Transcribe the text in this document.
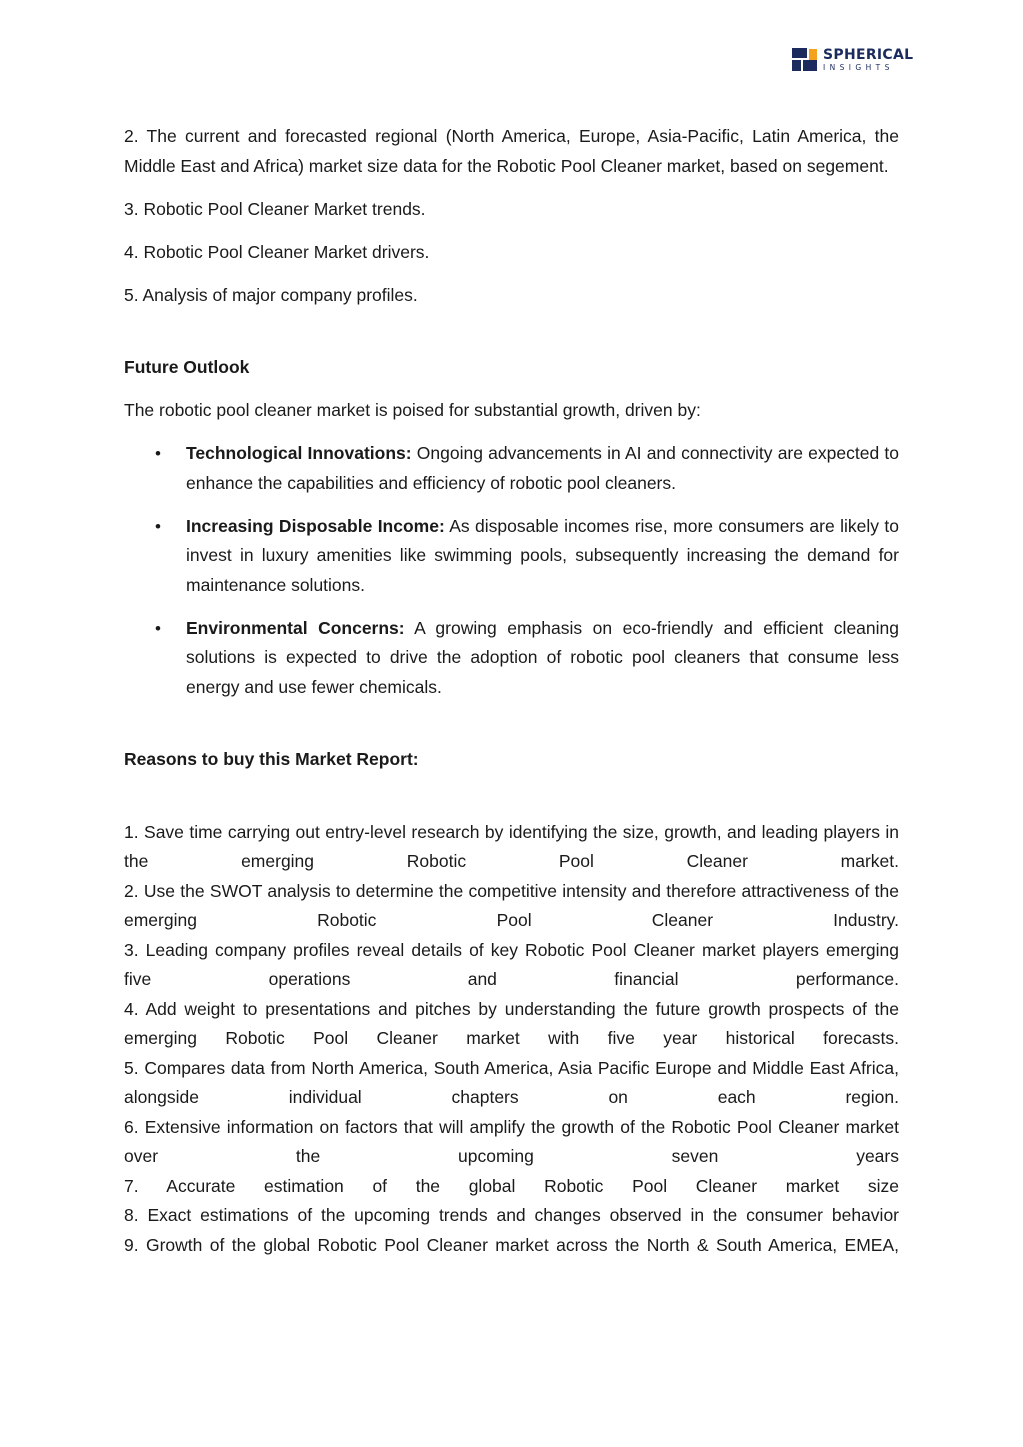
SPHERICAL
INSIGHTS

2. The current and forecasted regional (North America, Europe, Asia-Pacific, Latin America, the Middle East and Africa) market size data for the Robotic Pool Cleaner market, based on segement.

3. Robotic Pool Cleaner Market trends.

4. Robotic Pool Cleaner Market drivers.

5. Analysis of major company profiles.

Future Outlook

The robotic pool cleaner market is poised for substantial growth, driven by:

• Technological Innovations: Ongoing advancements in AI and connectivity are expected to enhance the capabilities and efficiency of robotic pool cleaners.
• Increasing Disposable Income: As disposable incomes rise, more consumers are likely to invest in luxury amenities like swimming pools, subsequently increasing the demand for maintenance solutions.
• Environmental Concerns: A growing emphasis on eco-friendly and efficient cleaning solutions is expected to drive the adoption of robotic pool cleaners that consume less energy and use fewer chemicals.

Reasons to buy this Market Report:

1. Save time carrying out entry-level research by identifying the size, growth, and leading players in the emerging Robotic Pool Cleaner market.
2. Use the SWOT analysis to determine the competitive intensity and therefore attractiveness of the emerging Robotic Pool Cleaner Industry.
3. Leading company profiles reveal details of key Robotic Pool Cleaner market players emerging five operations and financial performance.
4. Add weight to presentations and pitches by understanding the future growth prospects of the emerging Robotic Pool Cleaner market with five year historical forecasts.
5. Compares data from North America, South America, Asia Pacific Europe and Middle East Africa, alongside individual chapters on each region.
6. Extensive information on factors that will amplify the growth of the Robotic Pool Cleaner market over the upcoming seven years
7. Accurate estimation of the global Robotic Pool Cleaner market size
8. Exact estimations of the upcoming trends and changes observed in the consumer behavior
9. Growth of the global Robotic Pool Cleaner market across the North & South America, EMEA,
